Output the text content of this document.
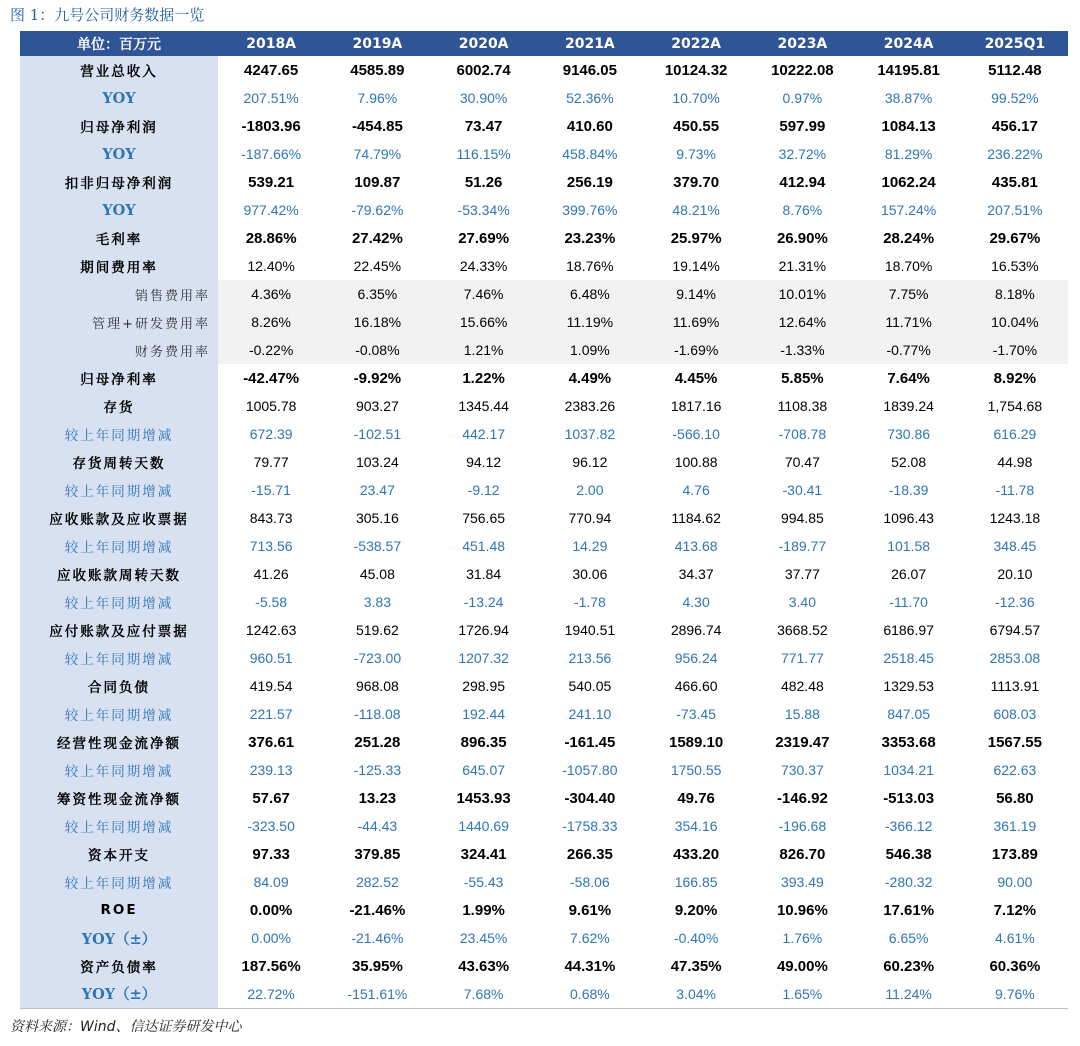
图 1：九号公司财务数据一览
单位：百万元	2018A	2019A	2020A	2021A	2022A	2023A	2024A	2025Q1
营业总收入	4247.65	4585.89	6002.74	9146.05	10124.32	10222.08	14195.81	5112.48
YOY	207.51%	7.96%	30.90%	52.36%	10.70%	0.97%	38.87%	99.52%
归母净利润	-1803.96	-454.85	73.47	410.60	450.55	597.99	1084.13	456.17
YOY	-187.66%	74.79%	116.15%	458.84%	9.73%	32.72%	81.29%	236.22%
扣非归母净利润	539.21	109.87	51.26	256.19	379.70	412.94	1062.24	435.81
YOY	977.42%	-79.62%	-53.34%	399.76%	48.21%	8.76%	157.24%	207.51%
毛利率	28.86%	27.42%	27.69%	23.23%	25.97%	26.90%	28.24%	29.67%
期间费用率	12.40%	22.45%	24.33%	18.76%	19.14%	21.31%	18.70%	16.53%
销售费用率	4.36%	6.35%	7.46%	6.48%	9.14%	10.01%	7.75%	8.18%
管理+研发费用率	8.26%	16.18%	15.66%	11.19%	11.69%	12.64%	11.71%	10.04%
财务费用率	-0.22%	-0.08%	1.21%	1.09%	-1.69%	-1.33%	-0.77%	-1.70%
归母净利率	-42.47%	-9.92%	1.22%	4.49%	4.45%	5.85%	7.64%	8.92%
存货	1005.78	903.27	1345.44	2383.26	1817.16	1108.38	1839.24	1,754.68
较上年同期增减	672.39	-102.51	442.17	1037.82	-566.10	-708.78	730.86	616.29
存货周转天数	79.77	103.24	94.12	96.12	100.88	70.47	52.08	44.98
较上年同期增减	-15.71	23.47	-9.12	2.00	4.76	-30.41	-18.39	-11.78
应收账款及应收票据	843.73	305.16	756.65	770.94	1184.62	994.85	1096.43	1243.18
较上年同期增减	713.56	-538.57	451.48	14.29	413.68	-189.77	101.58	348.45
应收账款周转天数	41.26	45.08	31.84	30.06	34.37	37.77	26.07	20.10
较上年同期增减	-5.58	3.83	-13.24	-1.78	4.30	3.40	-11.70	-12.36
应付账款及应付票据	1242.63	519.62	1726.94	1940.51	2896.74	3668.52	6186.97	6794.57
较上年同期增减	960.51	-723.00	1207.32	213.56	956.24	771.77	2518.45	2853.08
合同负债	419.54	968.08	298.95	540.05	466.60	482.48	1329.53	1113.91
较上年同期增减	221.57	-118.08	192.44	241.10	-73.45	15.88	847.05	608.03
经营性现金流净额	376.61	251.28	896.35	-161.45	1589.10	2319.47	3353.68	1567.55
较上年同期增减	239.13	-125.33	645.07	-1057.80	1750.55	730.37	1034.21	622.63
筹资性现金流净额	57.67	13.23	1453.93	-304.40	49.76	-146.92	-513.03	56.80
较上年同期增减	-323.50	-44.43	1440.69	-1758.33	354.16	-196.68	-366.12	361.19
资本开支	97.33	379.85	324.41	266.35	433.20	826.70	546.38	173.89
较上年同期增减	84.09	282.52	-55.43	-58.06	166.85	393.49	-280.32	90.00
ROE	0.00%	-21.46%	1.99%	9.61%	9.20%	10.96%	17.61%	7.12%
YOY（±）	0.00%	-21.46%	23.45%	7.62%	-0.40%	1.76%	6.65%	4.61%
资产负债率	187.56%	35.95%	43.63%	44.31%	47.35%	49.00%	60.23%	60.36%
YOY（±）	22.72%	-151.61%	7.68%	0.68%	3.04%	1.65%	11.24%	9.76%
资料来源：Wind、信达证券研发中心
